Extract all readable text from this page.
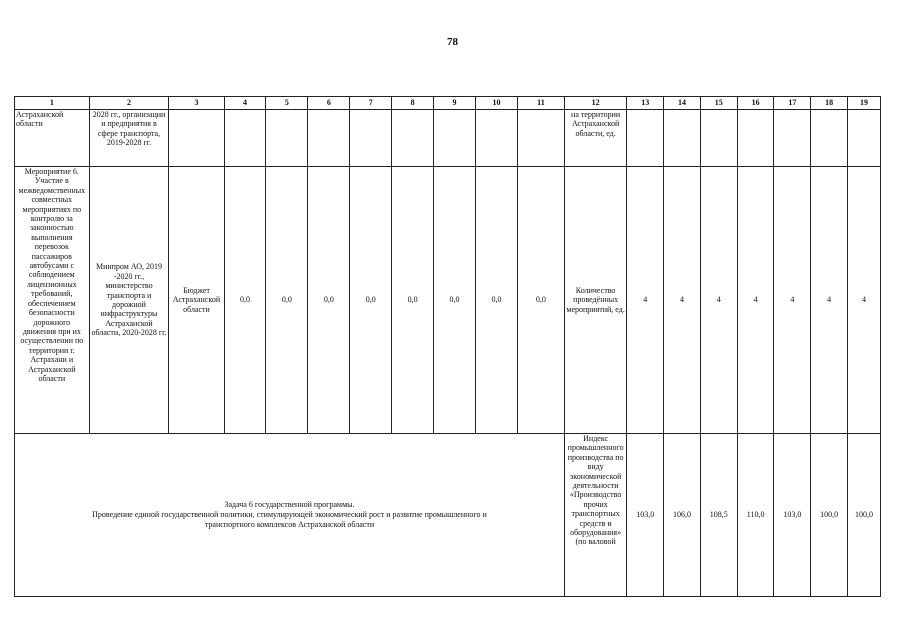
78
1	2	3	4	5	6	7	8	9	10	11	12	13	14	15	16	17	18	19
Астраханской области	2028 гг., организации и предприятия в сфере транспорта, 2019-2028 гг.										на территории Астраханской области, ед.							
Мероприятие 6. Участие в межведомственных совместных мероприятиях по контролю за законностью выполнения перевозок пассажиров автобусами с соблюдением лицензионных требований, обеспечением безопасности дорожного движения при их осуществлении по территории г. Астрахани и Астраханской области	Минпром АО, 2019 -2020 гг., министерство транспорта и дорожной инфраструктуры Астраханской области, 2020-2028 гг.	Бюджет Астраханской области	0,0	0,0	0,0	0,0	0,0	0,0	0,0	0,0	Количество проведённых мероприятий, ед.	4	4	4	4	4	4	4

Задача 6 государственной программы.
Проведение единой государственной политики, стимулирующей экономический рост и развитие промышленного и
транспортного комплексов Астраханской области											Индекс промышленного производства по виду экономической деятельности «Производство прочих транспортных средств и оборудования» (по валовой	103,0	106,0	108,5	110,0	103,0	100,0	100,0
